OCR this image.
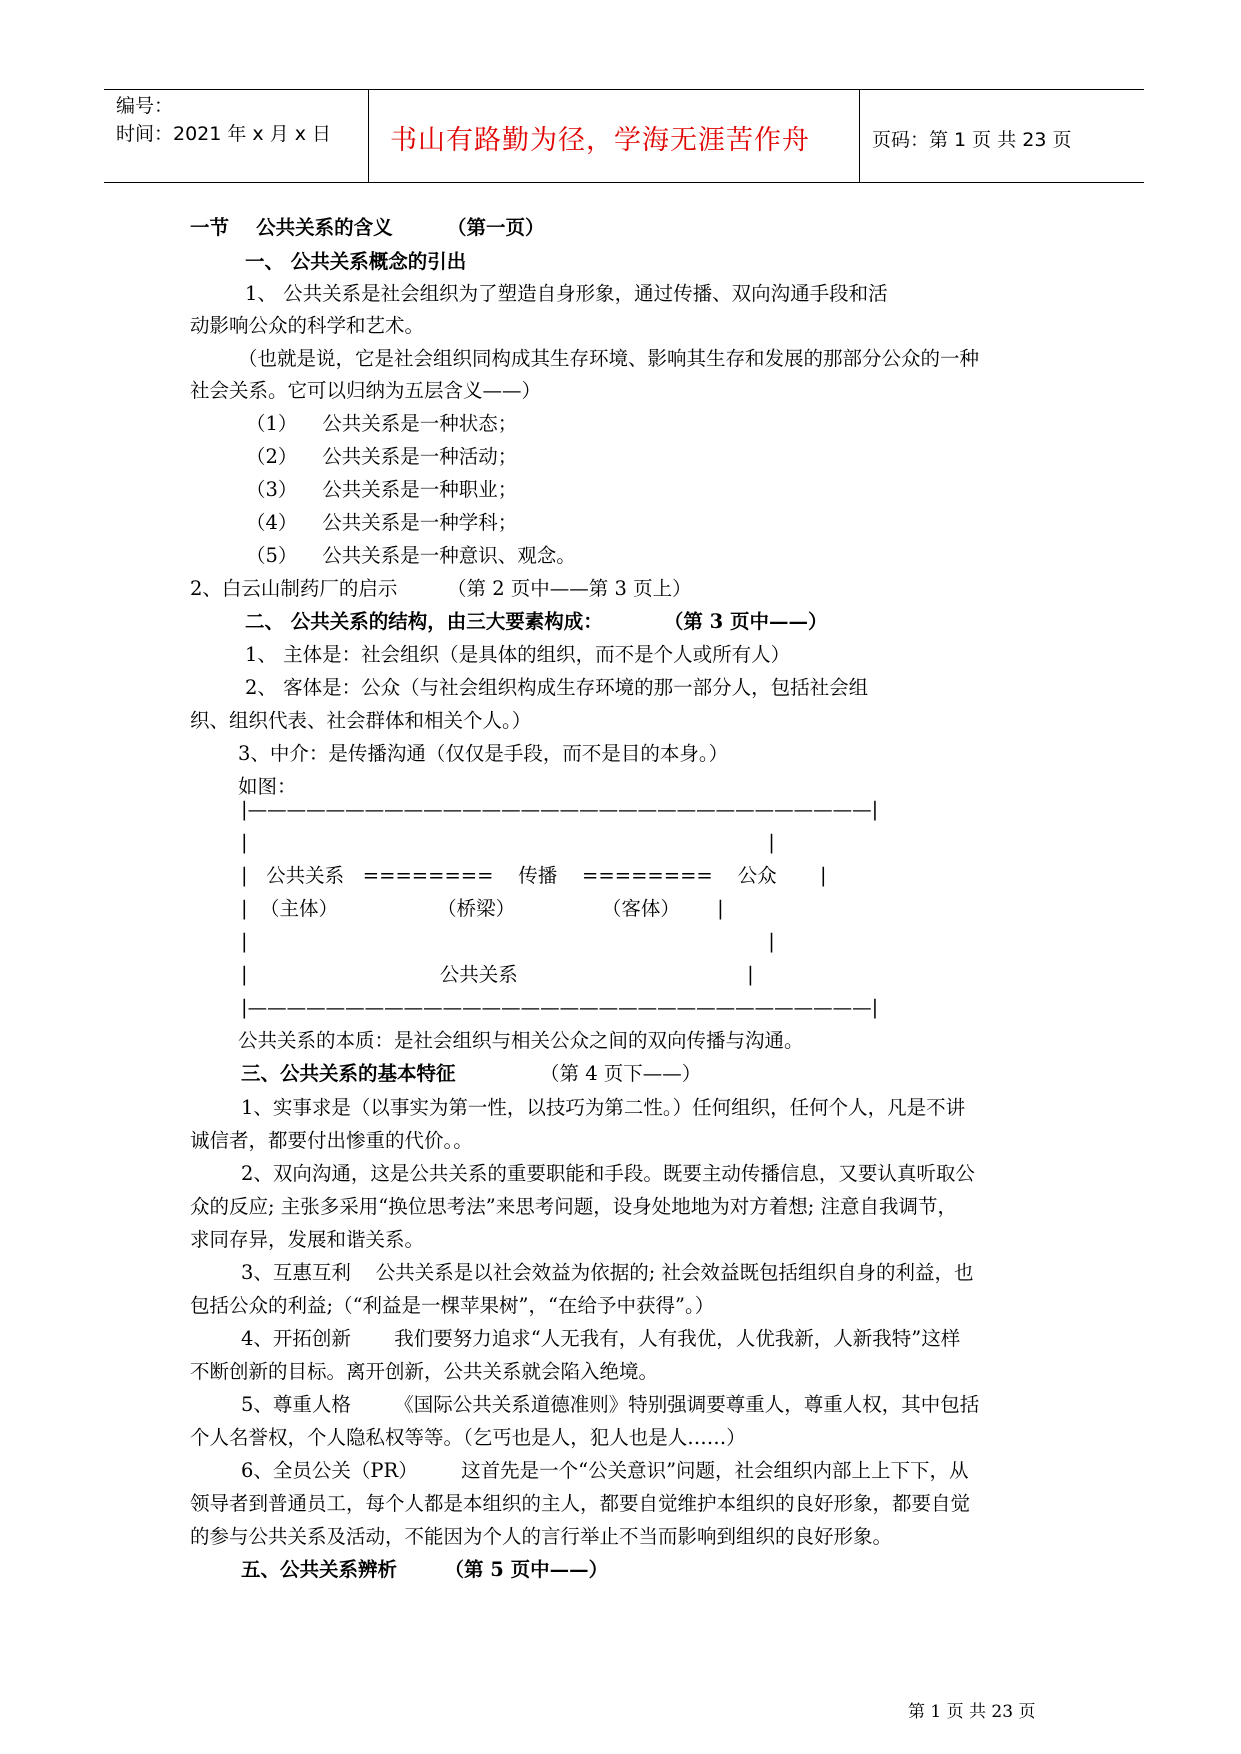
编号：
时间：2021 年 x 月 x 日 书山有路勤为径，学海无涯苦作舟	页码：第 1 页 共 23 页
一节    公共关系的含义        （第一页）
一、 公共关系概念的引出
1、 公共关系是社会组织为了塑造自身形象，通过传播、双向沟通手段和活
动影响公众的科学和艺术。
（也就是说，它是社会组织同构成其生存环境、影响其生存和发展的那部分公众的一种
社会关系。它可以归纳为五层含义——）
（1）    公共关系是一种状态；
（2）    公共关系是一种活动；
（3）    公共关系是一种职业；
（4）    公共关系是一种学科；
（5）    公共关系是一种意识、观念。
2、白云山制药厂的启示        （第 2 页中——第 3 页上）
二、 公共关系的结构，由三大要素构成：         （第 3 页中——）
1、 主体是：社会组织（是具体的组织，而不是个人或所有人）
2、 客体是：公众（与社会组织构成生存环境的那一部分人，包括社会组
织、组织代表、社会群体和相关个人。）
3、中介：是传播沟通（仅仅是手段，而不是目的本身。）
如图：
|————————————————————————————————|
|                                                                                    |
|   公共关系   ========    传播    ========    公众       |
|  （主体）                （桥梁）              （客体）      |
|                                                                                    |
|                               公共关系                                     |
|————————————————————————————————|
公共关系的本质：是社会组织与相关公众之间的双向传播与沟通。
三、公共关系的基本特征	（第 4 页下——）
1、实事求是（以事实为第一性，以技巧为第二性。）任何组织，任何个人，凡是不讲
诚信者，都要付出惨重的代价。。
2、双向沟通，这是公共关系的重要职能和手段。既要主动传播信息，又要认真听取公
众的反应; 主张多采用“换位思考法”来思考问题，设身处地地为对方着想; 注意自我调节，
求同存异，发展和谐关系。
3、互惠互利    公共关系是以社会效益为依据的; 社会效益既包括组织自身的利益，也
包括公众的利益;（“利益是一棵苹果树”，“在给予中获得”。）
4、开拓创新       我们要努力追求“人无我有，人有我优，人优我新，人新我特”这样
不断创新的目标。离开创新，公共关系就会陷入绝境。
5、尊重人格       《国际公共关系道德准则》特别强调要尊重人，尊重人权，其中包括
个人名誉权，个人隐私权等等。（乞丐也是人，犯人也是人……）
6、全员公关（PR）       这首先是一个“公关意识”问题，社会组织内部上上下下，从
领导者到普通员工，每个人都是本组织的主人，都要自觉维护本组织的良好形象，都要自觉
的参与公共关系及活动，不能因为个人的言行举止不当而影响到组织的良好形象。
五、公共关系辨析       （第 5 页中——）
第 1 页 共 23 页
